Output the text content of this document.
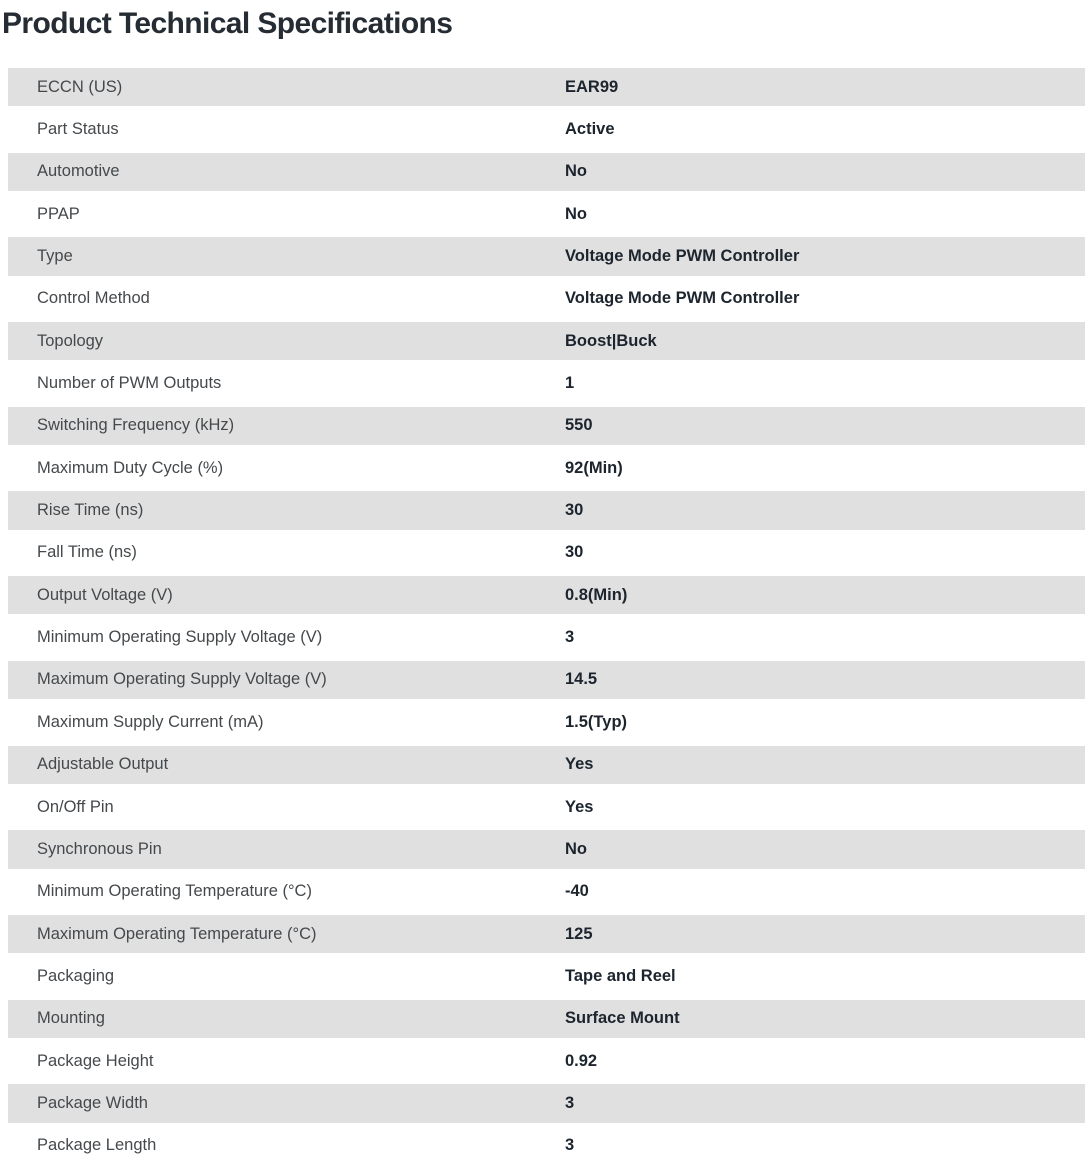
Product Technical Specifications
ECCN (US)	EAR99
Part Status	Active
Automotive	No
PPAP	No
Type	Voltage Mode PWM Controller
Control Method	Voltage Mode PWM Controller
Topology	Boost|Buck
Number of PWM Outputs	1
Switching Frequency (kHz)	550
Maximum Duty Cycle (%)	92(Min)
Rise Time (ns)	30
Fall Time (ns)	30
Output Voltage (V)	0.8(Min)
Minimum Operating Supply Voltage (V)	3
Maximum Operating Supply Voltage (V)	14.5
Maximum Supply Current (mA)	1.5(Typ)
Adjustable Output	Yes
On/Off Pin	Yes
Synchronous Pin	No
Minimum Operating Temperature (°C)	-40
Maximum Operating Temperature (°C)	125
Packaging	Tape and Reel
Mounting	Surface Mount
Package Height	0.92
Package Width	3
Package Length	3
